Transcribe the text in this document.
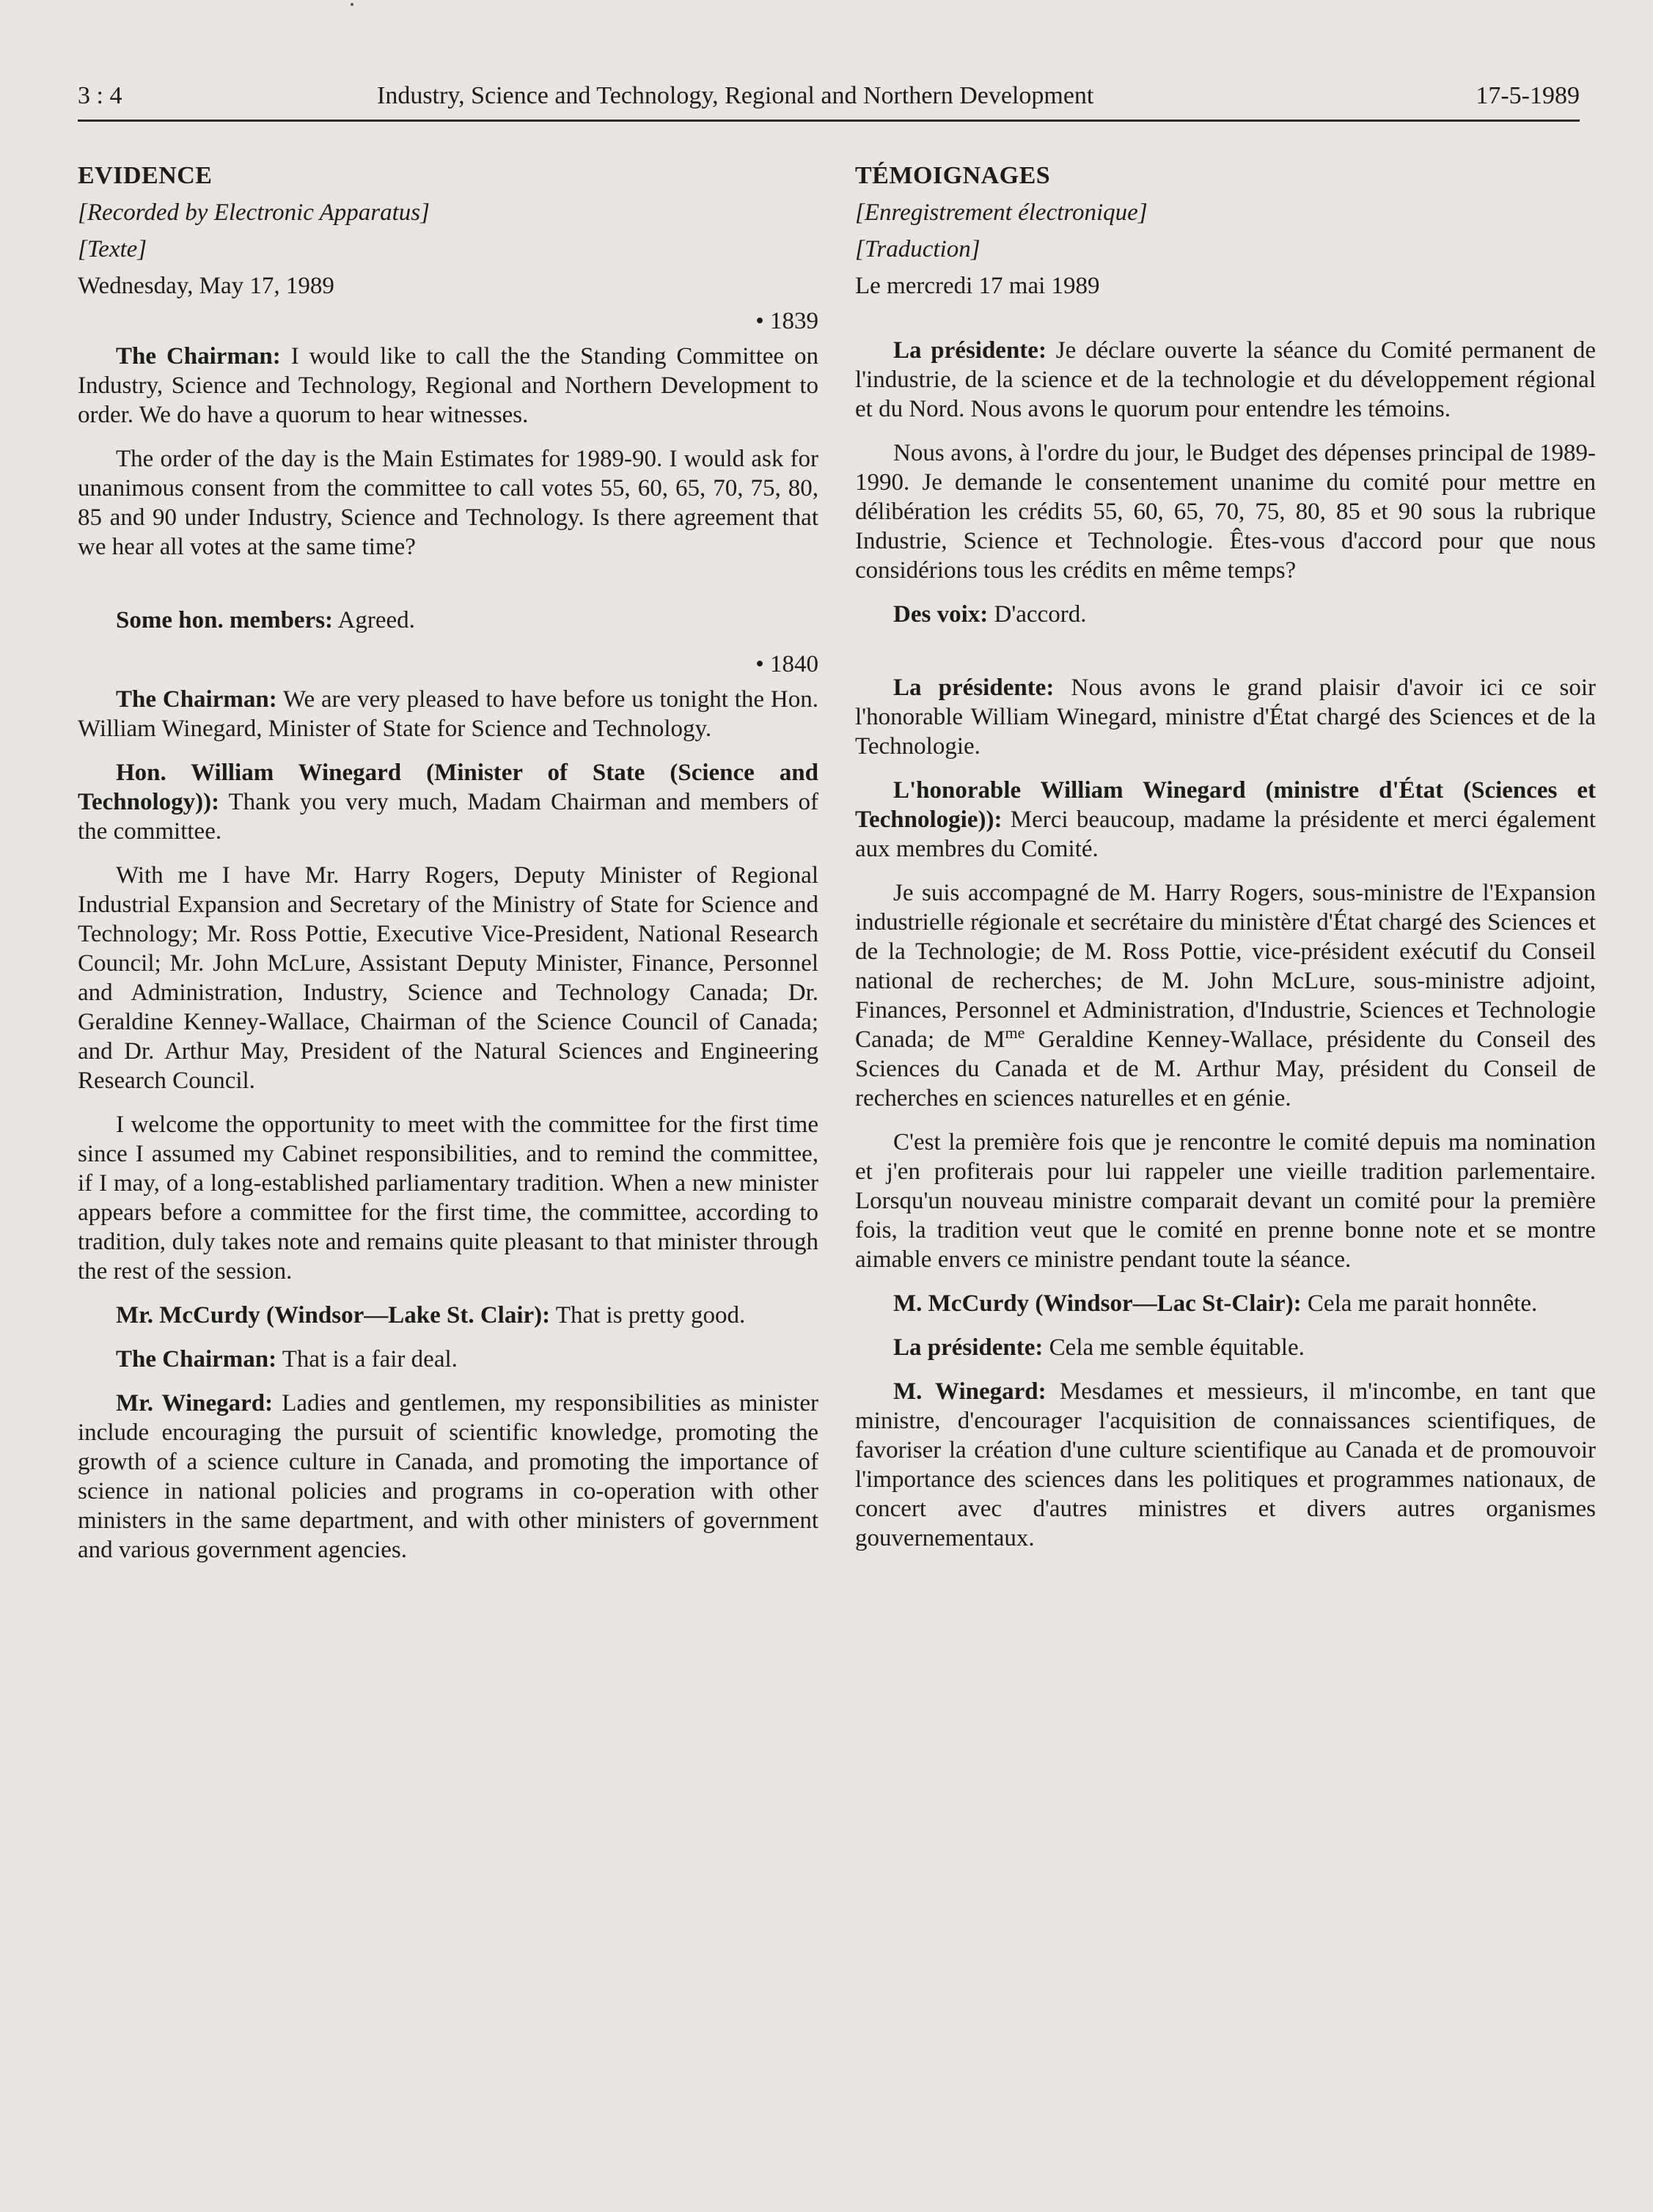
3 : 4	Industry, Science and Technology, Regional and Northern Development	17-5-1989

EVIDENCE

[Recorded by Electronic Apparatus]

[Texte]

Wednesday, May 17, 1989

• 1839

The Chairman: I would like to call the the Standing Committee on Industry, Science and Technology, Regional and Northern Development to order. We do have a quorum to hear witnesses.

The order of the day is the Main Estimates for 1989-90. I would ask for unanimous consent from the committee to call votes 55, 60, 65, 70, 75, 80, 85 and 90 under Industry, Science and Technology. Is there agreement that we hear all votes at the same time?

Some hon. members: Agreed.

• 1840

The Chairman: We are very pleased to have before us tonight the Hon. William Winegard, Minister of State for Science and Technology.

Hon. William Winegard (Minister of State (Science and Technology)): Thank you very much, Madam Chairman and members of the committee.

With me I have Mr. Harry Rogers, Deputy Minister of Regional Industrial Expansion and Secretary of the Ministry of State for Science and Technology; Mr. Ross Pottie, Executive Vice-President, National Research Council; Mr. John McLure, Assistant Deputy Minister, Finance, Personnel and Administration, Industry, Science and Technology Canada; Dr. Geraldine Kenney-Wallace, Chairman of the Science Council of Canada; and Dr. Arthur May, President of the Natural Sciences and Engineering Research Council.

I welcome the opportunity to meet with the committee for the first time since I assumed my Cabinet responsibilities, and to remind the committee, if I may, of a long-established parliamentary tradition. When a new minister appears before a committee for the first time, the committee, according to tradition, duly takes note and remains quite pleasant to that minister through the rest of the session.

Mr. McCurdy (Windsor—Lake St. Clair): That is pretty good.

The Chairman: That is a fair deal.

Mr. Winegard: Ladies and gentlemen, my responsibilities as minister include encouraging the pursuit of scientific knowledge, promoting the growth of a science culture in Canada, and promoting the importance of science in national policies and programs in co-operation with other ministers in the same department, and with other ministers of government and various government agencies.

TÉMOIGNAGES

[Enregistrement électronique]

[Traduction]

Le mercredi 17 mai 1989

La présidente: Je déclare ouverte la séance du Comité permanent de l'industrie, de la science et de la technologie et du développement régional et du Nord. Nous avons le quorum pour entendre les témoins.

Nous avons, à l'ordre du jour, le Budget des dépenses principal de 1989-1990. Je demande le consentement unanime du comité pour mettre en délibération les crédits 55, 60, 65, 70, 75, 80, 85 et 90 sous la rubrique Industrie, Science et Technologie. Êtes-vous d'accord pour que nous considérions tous les crédits en même temps?

Des voix: D'accord.

La présidente: Nous avons le grand plaisir d'avoir ici ce soir l'honorable William Winegard, ministre d'État chargé des Sciences et de la Technologie.

L'honorable William Winegard (ministre d'État (Sciences et Technologie)): Merci beaucoup, madame la présidente et merci également aux membres du Comité.

Je suis accompagné de M. Harry Rogers, sous-ministre de l'Expansion industrielle régionale et secrétaire du ministère d'État chargé des Sciences et de la Technologie; de M. Ross Pottie, vice-président exécutif du Conseil national de recherches; de M. John McLure, sous-ministre adjoint, Finances, Personnel et Administration, d'Industrie, Sciences et Technologie Canada; de $M^{me}$ Geraldine Kenney-Wallace, présidente du Conseil des Sciences du Canada et de M. Arthur May, président du Conseil de recherches en sciences naturelles et en génie.

C'est la première fois que je rencontre le comité depuis ma nomination et j'en profiterais pour lui rappeler une vieille tradition parlementaire. Lorsqu'un nouveau ministre comparait devant un comité pour la première fois, la tradition veut que le comité en prenne bonne note et se montre aimable envers ce ministre pendant toute la séance.

M. McCurdy (Windsor—Lac St-Clair): Cela me parait honnête.

La présidente: Cela me semble équitable.

M. Winegard: Mesdames et messieurs, il m'incombe, en tant que ministre, d'encourager l'acquisition de connaissances scientifiques, de favoriser la création d'une culture scientifique au Canada et de promouvoir l'importance des sciences dans les politiques et programmes nationaux, de concert avec d'autres ministres et divers autres organismes gouvernementaux.
